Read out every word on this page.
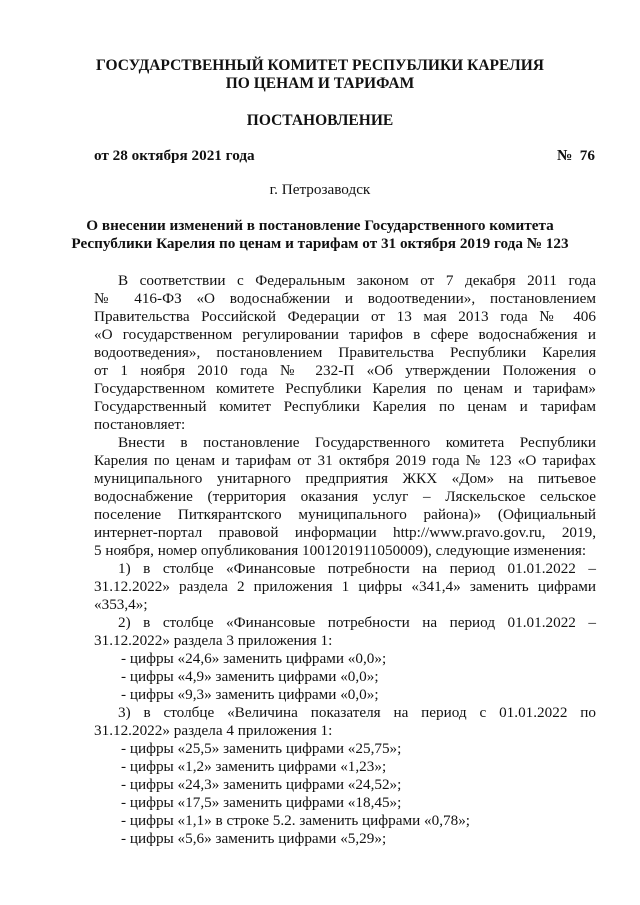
ГОСУДАРСТВЕННЫЙ КОМИТЕТ РЕСПУБЛИКИ КАРЕЛИЯ
ПО ЦЕНАМ И ТАРИФАМ
ПОСТАНОВЛЕНИЕ
от 28 октября 2021 года	№  76
г. Петрозаводск
О внесении изменений в постановление Государственного комитета
Республики Карелия по ценам и тарифам от 31 октября 2019 года № 123
В соответствии с Федеральным законом от 7 декабря 2011 года
№ 416-ФЗ «О водоснабжении и водоотведении», постановлением
Правительства Российской Федерации от 13 мая 2013 года № 406
«О государственном регулировании тарифов в сфере водоснабжения и
водоотведения», постановлением Правительства Республики Карелия
от 1 ноября 2010 года № 232-П «Об утверждении Положения о
Государственном комитете Республики Карелия по ценам и тарифам»
Государственный комитет Республики Карелия по ценам и тарифам
постановляет:
Внести в постановление Государственного комитета Республики
Карелия по ценам и тарифам от 31 октября 2019 года № 123 «О тарифах
муниципального унитарного предприятия ЖКХ «Дом» на питьевое
водоснабжение (территория оказания услуг – Ляскельское сельское
поселение Питкярантского муниципального района)» (Официальный
интернет-портал правовой информации http://www.pravo.gov.ru, 2019,
5 ноября, номер опубликования 1001201911050009), следующие изменения:
1) в столбце «Финансовые потребности на период 01.01.2022 –
31.12.2022» раздела 2 приложения 1 цифры «341,4» заменить цифрами
«353,4»;
2) в столбце «Финансовые потребности на период 01.01.2022 –
31.12.2022» раздела 3 приложения 1:
- цифры «24,6» заменить цифрами «0,0»;
- цифры «4,9» заменить цифрами «0,0»;
- цифры «9,3» заменить цифрами «0,0»;
3) в столбце «Величина показателя на период с 01.01.2022 по
31.12.2022» раздела 4 приложения 1:
- цифры «25,5» заменить цифрами «25,75»;
- цифры «1,2» заменить цифрами «1,23»;
- цифры «24,3» заменить цифрами «24,52»;
- цифры «17,5» заменить цифрами «18,45»;
- цифры «1,1» в строке 5.2. заменить цифрами «0,78»;
- цифры «5,6» заменить цифрами «5,29»;
